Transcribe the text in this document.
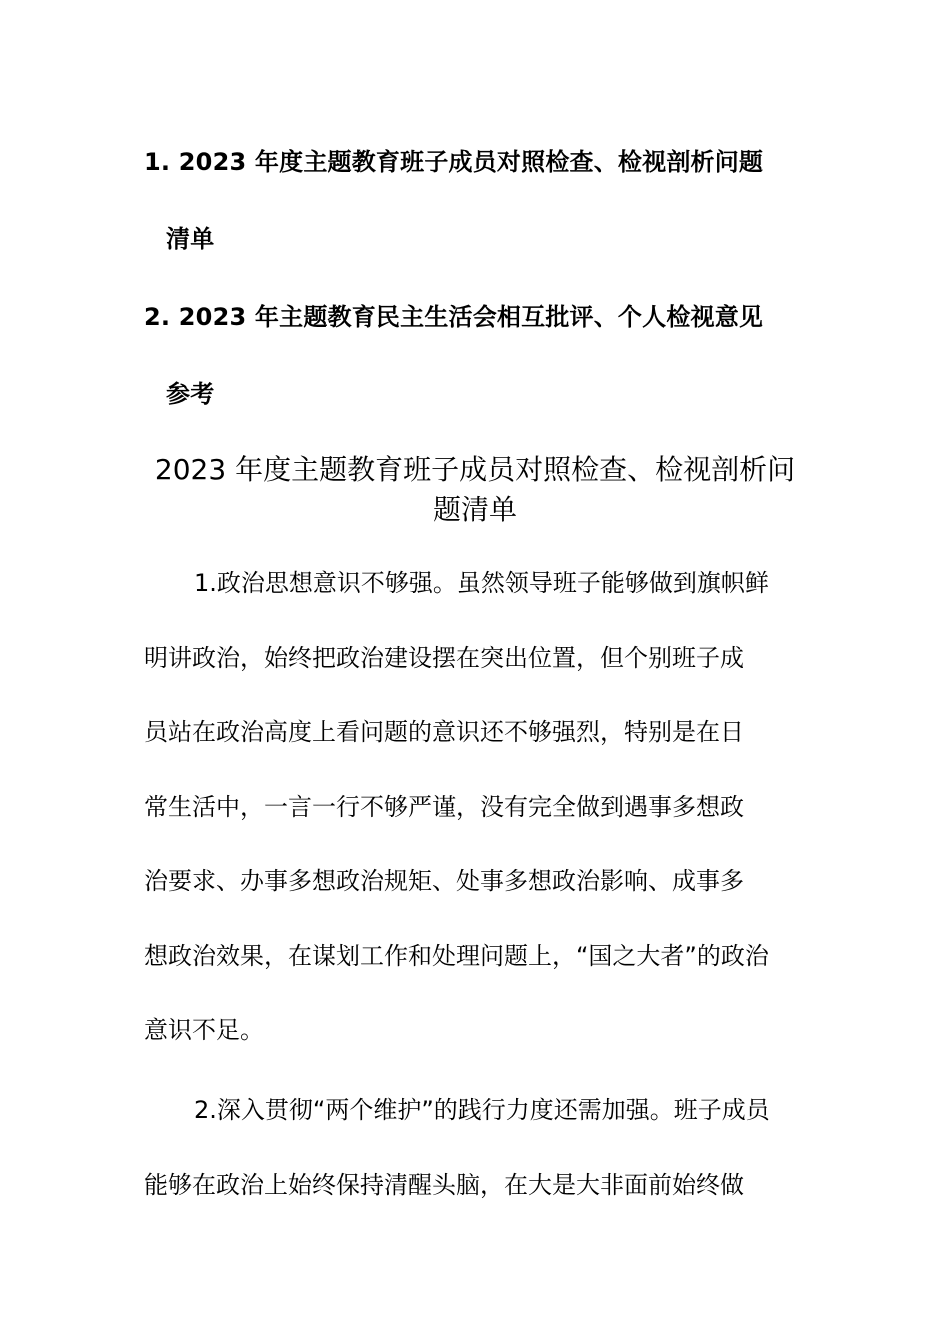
1. 2023 年度主题教育班子成员对照检查、检视剖析问题
清单
2. 2023 年主题教育民主生活会相互批评、个人检视意见
参考
2023 年度主题教育班子成员对照检查、检视剖析问
题清单
1.政治思想意识不够强。虽然领导班子能够做到旗帜鲜
明讲政治，始终把政治建设摆在突出位置，但个别班子成
员站在政治高度上看问题的意识还不够强烈，特别是在日
常生活中，一言一行不够严谨，没有完全做到遇事多想政
治要求、办事多想政治规矩、处事多想政治影响、成事多
想政治效果，在谋划工作和处理问题上，“国之大者”的政治
意识不足。
2.深入贯彻“两个维护”的践行力度还需加强。班子成员
能够在政治上始终保持清醒头脑，在大是大非面前始终做
